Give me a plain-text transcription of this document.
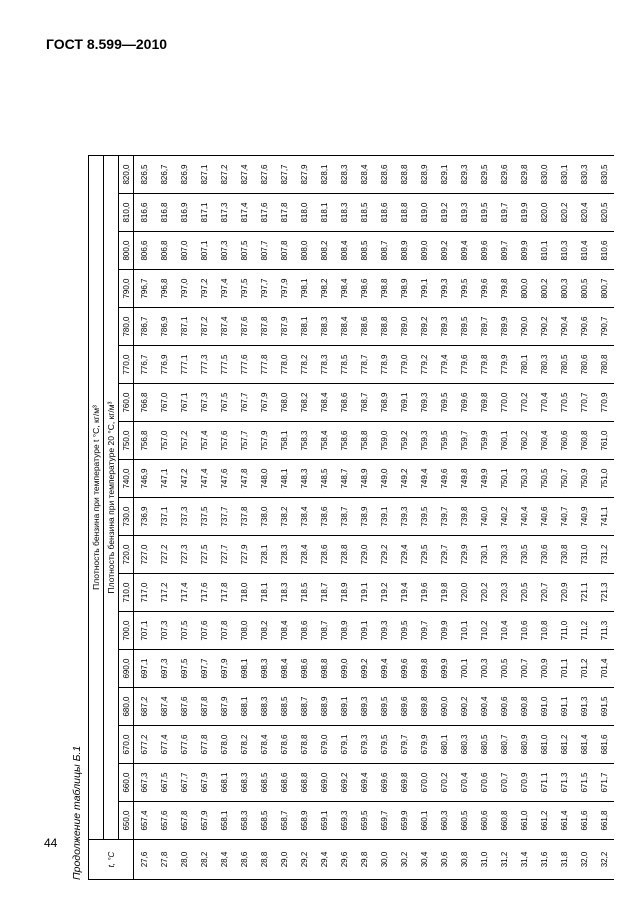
ГОСТ 8.599—2010
Продолжение таблицы Б.1	t, °C	Плотность бензина при температуре t °C, кг/м³																	
	Плотность бензина при температуре 20 °C, кг/м³																	
	650,0	660,0	670,0	680,0	690,0	700,0	710,0	720,0	730,0	740,0	750,0	760,0	770,0	780,0	790,0	800,0	810,0	820,0
27,6	657,4	667,3	677,2	687,2	697,1	707,1	717,0	727,0	736,9	746,9	756,8	766,8	776,7	786,7	796,7	806,6	816,6	826,5
27,8	657,6	667,5	677,4	687,4	697,3	707,3	717,2	727,2	737,1	747,1	757,0	767,0	776,9	786,9	796,8	806,8	816,8	826,7
28,0	657,8	667,7	677,6	687,6	697,5	707,5	717,4	727,3	737,3	747,2	757,2	767,1	777,1	787,1	797,0	807,0	816,9	826,9
28,2	657,9	667,9	677,8	687,8	697,7	707,6	717,6	727,5	737,5	747,4	757,4	767,3	777,3	787,2	797,2	807,1	817,1	827,1
28,4	658,1	668,1	678,0	687,9	697,9	707,8	717,8	727,7	737,7	747,6	757,6	767,5	777,5	787,4	797,4	807,3	817,3	827,2
28,6	658,3	668,3	678,2	688,1	698,1	708,0	718,0	727,9	737,8	747,8	757,7	767,7	777,6	787,6	797,5	807,5	817,4	827,4
28,8	658,5	668,5	678,4	688,3	698,3	708,2	718,1	728,1	738,0	748,0	757,9	767,9	777,8	787,8	797,7	807,7	817,6	827,6
29,0	658,7	668,6	678,6	688,5	698,4	708,4	718,3	728,3	738,2	748,1	758,1	768,0	778,0	787,9	797,9	807,8	817,8	827,7
29,2	658,9	668,8	678,8	688,7	698,6	708,6	718,5	728,4	738,4	748,3	758,3	768,2	778,2	788,1	798,1	808,0	818,0	827,9
29,4	659,1	669,0	679,0	688,9	698,8	708,7	718,7	728,6	738,6	748,5	758,4	768,4	778,3	788,3	798,2	808,2	818,1	828,1
29,6	659,3	669,2	679,1	689,1	699,0	708,9	718,9	728,8	738,7	748,7	758,6	768,6	778,5	788,4	798,4	808,4	818,3	828,3
29,8	659,5	669,4	679,3	689,3	699,2	709,1	719,1	729,0	738,9	748,9	758,8	768,7	778,7	788,6	798,6	808,5	818,5	828,4
30,0	659,7	669,6	679,5	689,5	699,4	709,3	719,2	729,2	739,1	749,0	759,0	768,9	778,9	788,8	798,8	808,7	818,6	828,6
30,2	659,9	669,8	679,7	689,6	699,6	709,5	719,4	729,4	739,3	749,2	759,2	769,1	779,0	789,0	798,9	808,9	818,8	828,8
30,4	660,1	670,0	679,9	689,8	699,8	709,7	719,6	729,5	739,5	749,4	759,3	769,3	779,2	789,2	799,1	809,0	819,0	828,9
30,6	660,3	670,2	680,1	690,0	699,9	709,9	719,8	729,7	739,7	749,6	759,5	769,5	779,4	789,3	799,3	809,2	819,2	829,1
30,8	660,5	670,4	680,3	690,2	700,1	710,1	720,0	729,9	739,8	749,8	759,7	769,6	779,6	789,5	799,5	809,4	819,3	829,3
31,0	660,6	670,6	680,5	690,4	700,3	710,2	720,2	730,1	740,0	749,9	759,9	769,8	779,8	789,7	799,6	809,6	819,5	829,5
31,2	660,8	670,7	680,7	690,6	700,5	710,4	720,3	730,3	740,2	750,1	760,1	770,0	779,9	789,9	799,8	809,7	819,7	829,6
31,4	661,0	670,9	680,9	690,8	700,7	710,6	720,5	730,5	740,4	750,3	760,2	770,2	780,1	790,0	800,0	809,9	819,9	829,8
31,6	661,2	671,1	681,0	691,0	700,9	710,8	720,7	730,6	740,6	750,5	760,4	770,4	780,3	790,2	800,2	810,1	820,0	830,0
31,8	661,4	671,3	681,2	691,1	701,1	711,0	720,9	730,8	740,7	750,7	760,6	770,5	780,5	790,4	800,3	810,3	820,2	830,1
32,0	661,6	671,5	681,4	691,3	701,2	711,2	721,1	731,0	740,9	750,9	760,8	770,7	780,6	790,6	800,5	810,4	820,4	830,3
32,2	661,8	671,7	681,6	691,5	701,4	711,3	721,3	731,2	741,1	751,0	761,0	770,9	780,8	790,7	800,7	810,6	820,5	830,5
44
